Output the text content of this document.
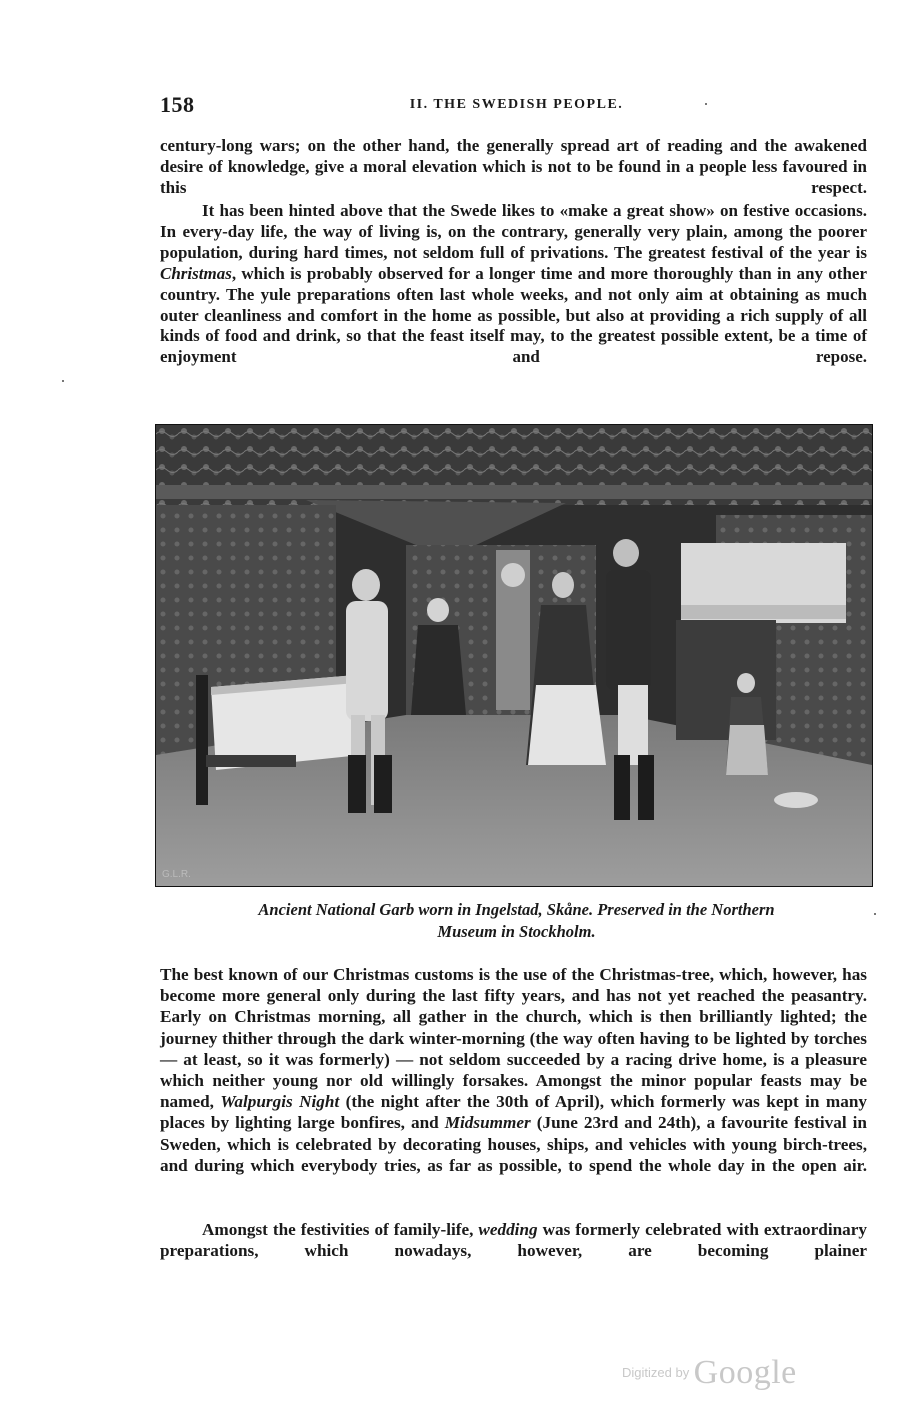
158	II. THE SWEDISH PEOPLE.

century-long wars; on the other hand, the generally spread art of reading and the awakened desire of knowledge, give a moral elevation which is not to be found in a people less favoured in this respect.

It has been hinted above that the Swede likes to «make a great show» on festive occasions. In every-day life, the way of living is, on the contrary, generally very plain, among the poorer population, during hard times, not seldom full of privations. The greatest festival of the year is Christmas, which is probably observed for a longer time and more thoroughly than in any other country. The yule preparations often last whole weeks, and not only aim at obtaining as much outer cleanliness and comfort in the home as possible, but also at providing a rich supply of all kinds of food and drink, so that the feast itself may, to the greatest possible extent, be a time of enjoyment and repose.

G.L.R.
Ancient National Garb worn in Ingelstad, Skåne. Preserved in the Northern
Museum in Stockholm.

The best known of our Christmas customs is the use of the Christmas-tree, which, however, has become more general only during the last fifty years, and has not yet reached the peasantry. Early on Christmas morning, all gather in the church, which is then brilliantly lighted; the journey thither through the dark winter-morning (the way often having to be lighted by torches — at least, so it was formerly) — not seldom succeeded by a racing drive home, is a pleasure which neither young nor old willingly forsakes. Amongst the minor popular feasts may be named, Walpurgis Night (the night after the 30th of April), which formerly was kept in many places by lighting large bonfires, and Midsummer (June 23rd and 24th), a favourite festival in Sweden, which is celebrated by decorating houses, ships, and vehicles with young birch-trees, and during which everybody tries, as far as possible, to spend the whole day in the open air.

Amongst the festivities of family-life, wedding was formerly celebrated with extraordinary preparations, which nowadays, however, are becoming plainer

$^{Digitized by}$ Google
